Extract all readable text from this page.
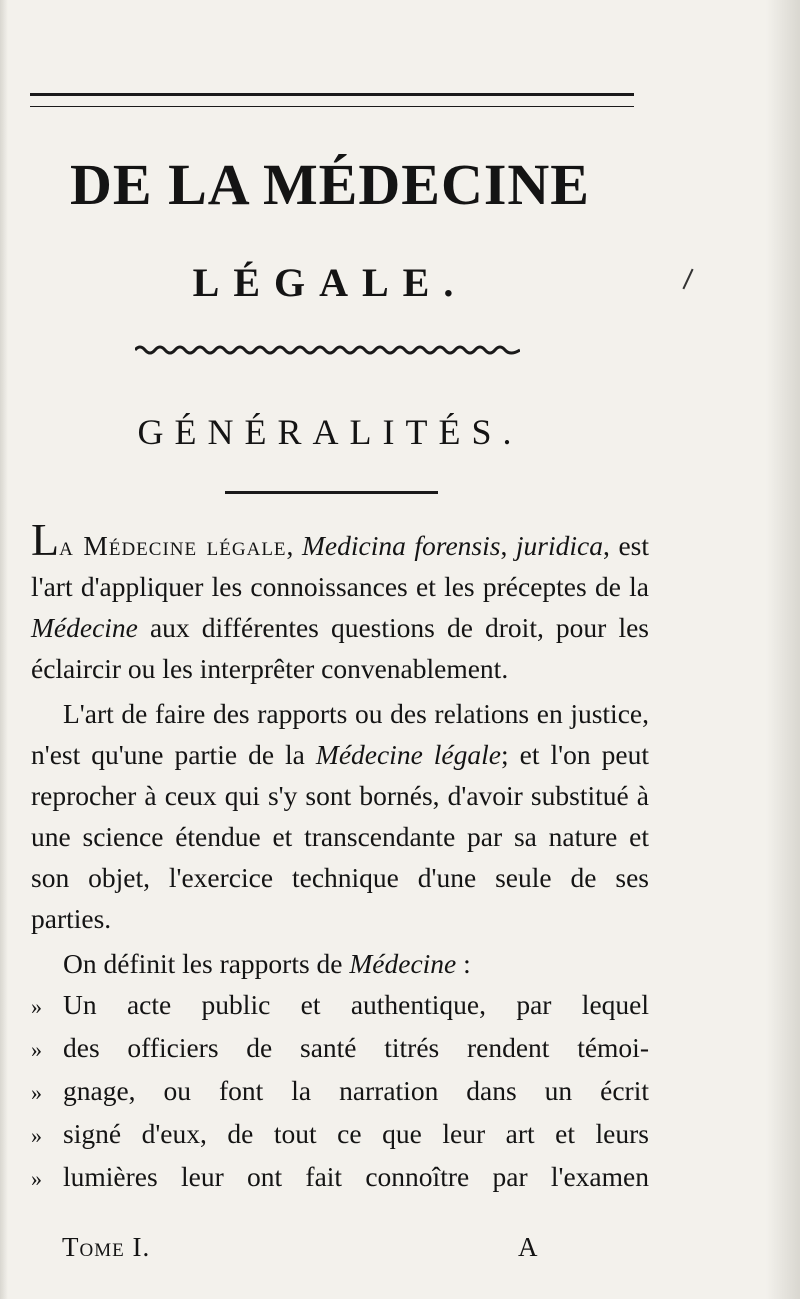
DE LA MÉDECINE
LÉGALE.
GÉNÉRALITÉS.

La Médecine légale, Medicina forensis, juridica, est l'art d'appliquer les connoissances et les préceptes de la Médecine aux différentes questions de droit, pour les éclaircir ou les interprêter convenablement.

L'art de faire des rapports ou des relations en justice, n'est qu'une partie de la Médecine légale; et l'on peut reprocher à ceux qui s'y sont bornés, d'avoir substitué à une science étendue et transcendante par sa nature et son objet, l'exercice technique d'une seule de ses parties.

On définit les rapports de Médecine :

» Un acte public et authentique, par lequel
» des officiers de santé titrés rendent témoi-
» gnage, ou font la narration dans un écrit
» signé d'eux, de tout ce que leur art et leurs
» lumières leur ont fait connoître par l'examen
Tome I.	A
